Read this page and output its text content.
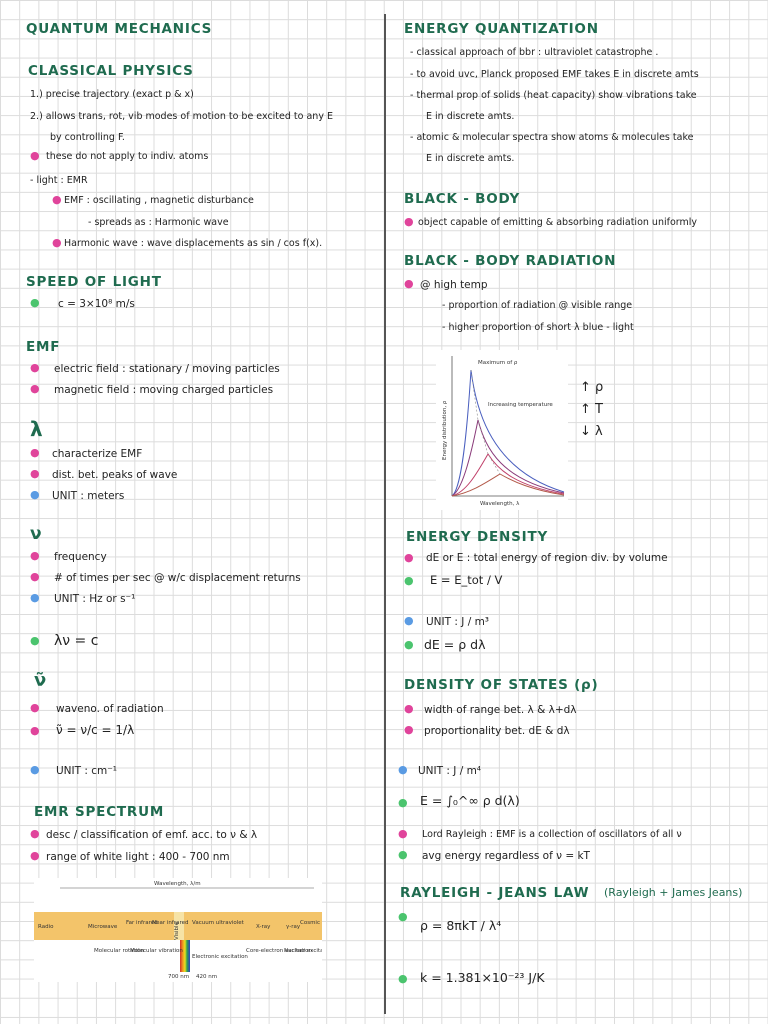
QUANTUM MECHANICS
CLASSICAL PHYSICS
1.) precise trajectory (exact p & x)
2.) allows trans, rot, vib modes of motion to be excited to any E
by controlling F.
● these do not apply to indiv. atoms
- light : EMR
● EMF : oscillating , magnetic disturbance
- spreads as : Harmonic wave
● Harmonic wave : wave displacements as sin / cos f(x).
SPEED OF LIGHT
● c = 3×10⁸ m/s
EMF
● electric field : stationary / moving particles
● magnetic field : moving charged particles
λ
● characterize EMF
● dist. bet. peaks of wave
● UNIT : meters
ν
● frequency
● # of times per sec @ w/c displacement returns
● UNIT : Hz or s⁻¹
● λν = c
ν̃
● waveno. of radiation
● ν̃ = ν/c = 1/λ
● UNIT : cm⁻¹
EMR SPECTRUM
● desc / classification of emf. acc. to ν & λ
● range of white light : 400 - 700 nm
Wavelength, λ/m
Radio	Microwave
Far infrared
Near infrared
Visible Vacuum ultraviolet
X-ray	γ-ray
Cosmic
Molecular rotation
Molecular vibration
Electronic excitation
Core-electron excitation
Nuclear excit
700 nm 420 nm
ENERGY QUANTIZATION
- classical approach of bbr : ultraviolet catastrophe .
- to avoid uvc, Planck proposed EMF takes E in discrete amts
- thermal prop of solids (heat capacity) show vibrations take
E in discrete amts.
- atomic & molecular spectra show atoms & molecules take
E in discrete amts.
BLACK - BODY
● object capable of emitting & absorbing radiation uniformly
BLACK - BODY RADIATION
● @ high temp
- proportion of radiation @ visible range
- higher proportion of short λ blue - light
Maximum of ρ
Increasing temperature
Wavelength, λ
Energy distribution, ρ
↑ ρ
↑ T
↓ λ
ENERGY DENSITY
● dE or E : total energy of region div. by volume
● E = E_tot / V
● UNIT : J / m³
● dE = ρ dλ
DENSITY OF STATES (ρ)
● width of range bet. λ & λ+dλ
● proportionality bet. dE & dλ
● UNIT : J / m⁴
● E = ∫₀^∞ ρ d(λ)
● Lord Rayleigh : EMF is a collection of oscillators of all ν
● avg energy regardless of ν = kT
RAYLEIGH - JEANS LAW (Rayleigh + James Jeans)
●
ρ = 8πkT / λ⁴
● k = 1.381×10⁻²³ J/K
